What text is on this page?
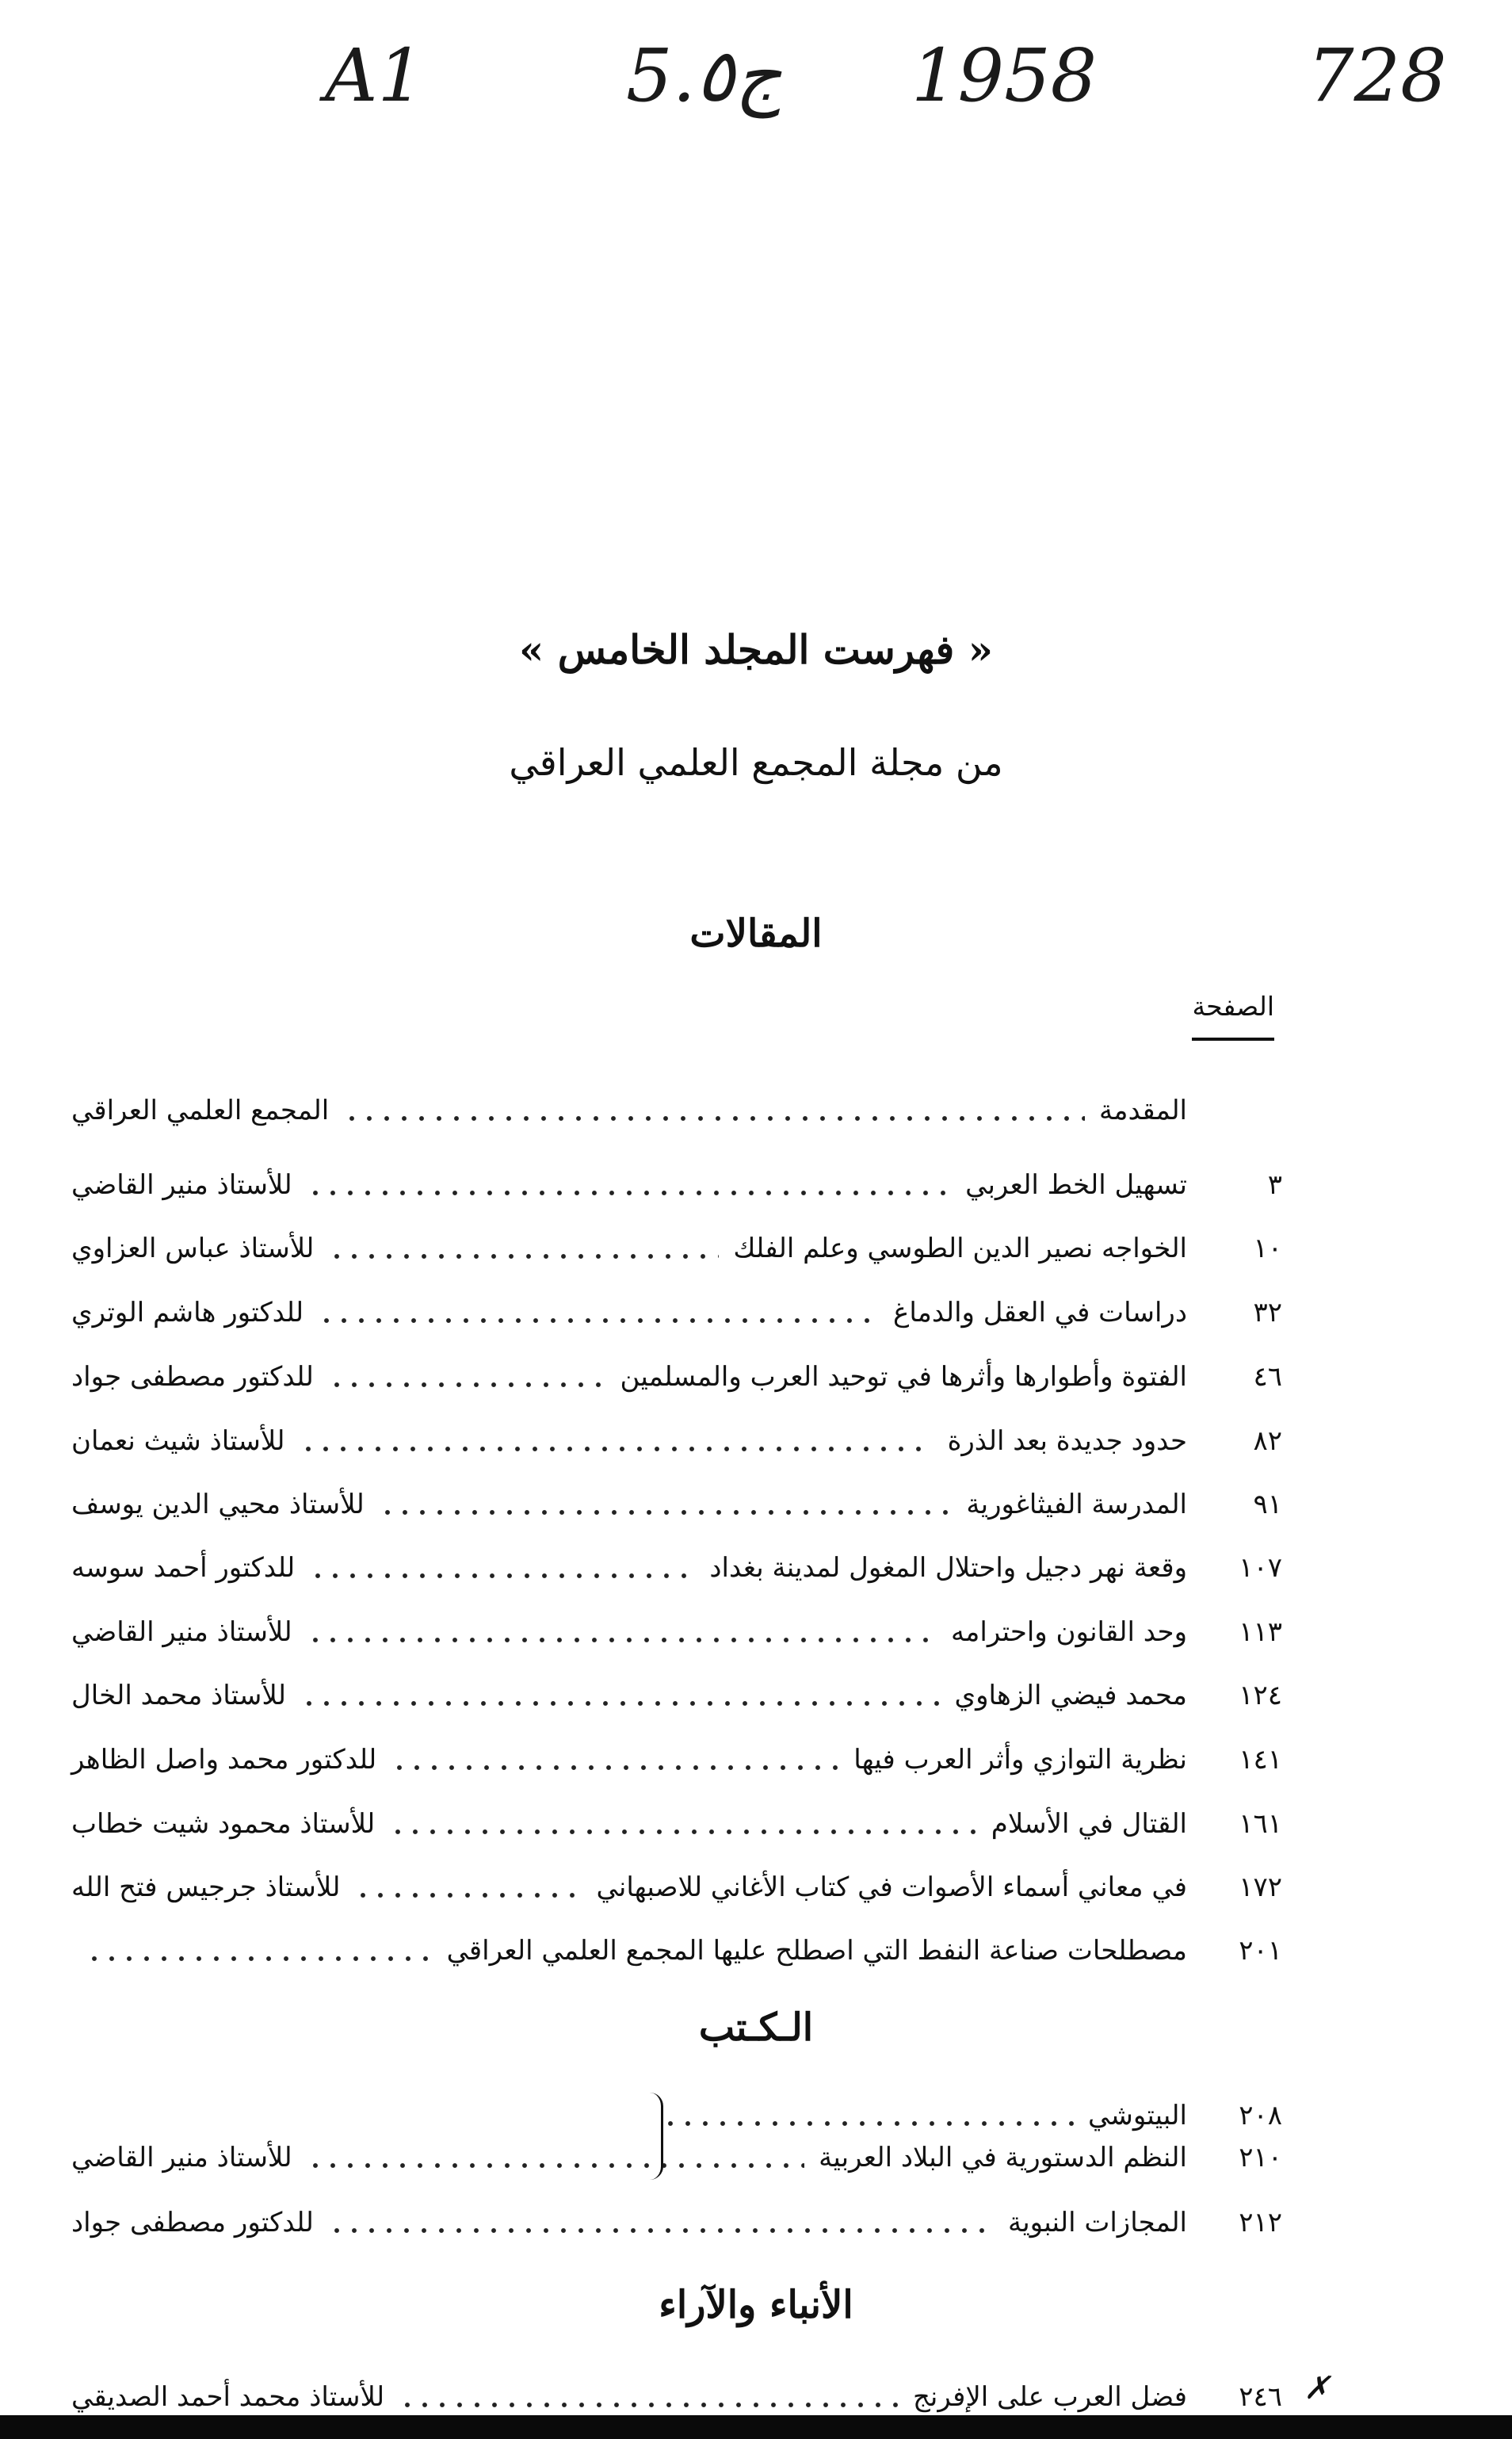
A1	5.ج٥ 1958	728
« فهرست المجلد الخامس »
من مجلة المجمع العلمي العراقي
المقالات
الصفحة
المقدمة
المجمع العلمي العراقي
٣
تسهيل الخط العربي
للأستاذ منير القاضي
١٠
الخواجه نصير الدين الطوسي وعلم الفلك
للأستاذ عباس العزاوي
٣٢
دراسات في العقل والدماغ
للدكتور هاشم الوتري
٤٦
الفتوة وأطوارها وأثرها في توحيد العرب والمسلمين
للدكتور مصطفى جواد
٨٢
حدود جديدة بعد الذرة
للأستاذ شيث نعمان
٩١
المدرسة الفيثاغورية
للأستاذ محيي الدين يوسف
١٠٧
وقعة نهر دجيل واحتلال المغول لمدينة بغداد
للدكتور أحمد سوسه
١١٣
وحد القانون واحترامه
للأستاذ منير القاضي
١٢٤
محمد فيضي الزهاوي
للأستاذ محمد الخال
١٤١
نظرية التوازي وأثر العرب فيها
للدكتور محمد واصل الظاهر
١٦١
القتال في الأسلام
للأستاذ محمود شيت خطاب
١٧٢
في معاني أسماء الأصوات في كتاب الأغاني للاصبهاني
للأستاذ جرجيس فتح الله
٢٠١
مصطلحات صناعة النفط التي اصطلح عليها المجمع العلمي العراقي
الـكـتب
٢٠٨
البيتوشي
٢١٠
النظم الدستورية في البلاد العربية
للأستاذ منير القاضي
٢١٢
المجازات النبوية
للدكتور مصطفى جواد
الأنباء والآراء
✗
٢٤٦
فضل العرب على الإفرنج
للأستاذ محمد أحمد الصديقي
